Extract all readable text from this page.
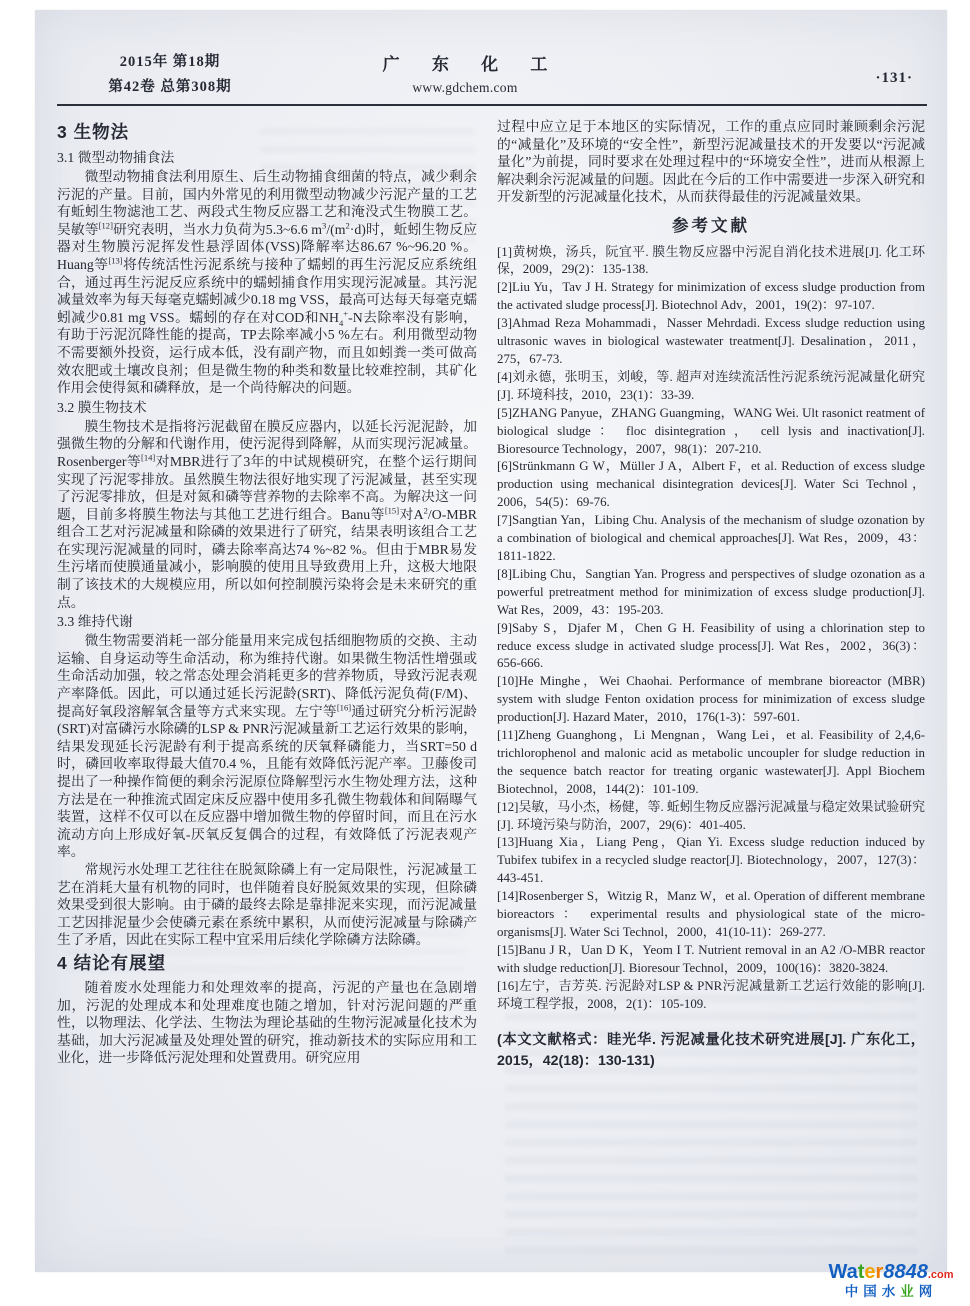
2015年 第18期
第42卷 总第308期
广 东 化 工
www.gdchem.com
·131·
3 生物法
3.1 微型动物捕食法

微型动物捕食法利用原生、后生动物捕食细菌的特点，减少剩余污泥的产量。目前，国内外常见的利用微型动物减少污泥产量的工艺有蚯蚓生物滤池工艺、两段式生物反应器工艺和淹没式生物膜工艺。吴敏等[12]研究表明，当水力负荷为5.3~6.6 $m^3/(m^2\cdot d)$时，蚯蚓生物反应器对生物膜污泥挥发性悬浮固体(VSS)降解率达86.67 %~96.20 %。Huang等[13]将传统活性污泥系统与接种了蠕蚓的再生污泥反应系统组合，通过再生污泥反应系统中的蠕蚓捕食作用实现污泥减量。其污泥减量效率为每天每毫克蠕蚓减少0.18 mg VSS，最高可达每天每毫克蠕蚓减少0.81 mg VSS。蠕蚓的存在对COD和$NH_4^+-N$去除率没有影响，有助于污泥沉降性能的提高，TP去除率减小5 %左右。利用微型动物不需要额外投资，运行成本低，没有副产物，而且如蚓粪一类可做高效农肥或土壤改良剂；但是微生物的种类和数量比较难控制，其矿化作用会使得氮和磷释放，是一个尚待解决的问题。

3.2 膜生物技术

膜生物技术是指将污泥截留在膜反应器内，以延长污泥泥龄，加强微生物的分解和代谢作用，使污泥得到降解，从而实现污泥减量。Rosenberger等[14]对MBR进行了3年的中试规模研究，在整个运行期间实现了污泥零排放。虽然膜生物法很好地实现了污泥减量，甚至实现了污泥零排放，但是对氮和磷等营养物的去除率不高。为解决这一问题，目前多将膜生物法与其他工艺进行组合。Banu等[15]对$A^2/O$-MBR组合工艺对污泥减量和除磷的效果进行了研究，结果表明该组合工艺在实现污泥减量的同时，磷去除率高达74 %~82 %。但由于MBR易发生污堵而使膜通量减小，影响膜的使用且导致费用上升，这极大地限制了该技术的大规模应用，所以如何控制膜污染将会是未来研究的重点。

3.3 维持代谢

微生物需要消耗一部分能量用来完成包括细胞物质的交换、主动运输、自身运动等生命活动，称为维持代谢。如果微生物活性增强或生命活动加强，较之常态处理会消耗更多的营养物质，导致污泥表观产率降低。因此，可以通过延长污泥龄(SRT)、降低污泥负荷(F/M)、提高好氧段溶解氧含量等方式来实现。左宁等[16]通过研究分析污泥龄(SRT)对富磷污水除磷的LSP & PNR污泥减量新工艺运行效果的影响，结果发现延长污泥龄有利于提高系统的厌氧释磷能力，当SRT=50 d时，磷回收率取得最大值70.4 %，且能有效降低污泥产率。卫藤俊司提出了一种操作简便的剩余污泥原位降解型污水生物处理方法，这种方法是在一种推流式固定床反应器中使用多孔微生物载体和间隔曝气装置，这样不仅可以在反应器中增加微生物的停留时间，而且在污水流动方向上形成好氧-厌氧反复偶合的过程，有效降低了污泥表观产率。

常规污水处理工艺往往在脱氮除磷上有一定局限性，污泥减量工艺在消耗大量有机物的同时，也伴随着良好脱氮效果的实现，但除磷效果受到很大影响。由于磷的最终去除是靠排泥来实现，而污泥减量工艺因排泥量少会使磷元素在系统中累积，从而使污泥减量与除磷产生了矛盾，因此在实际工程中宜采用后续化学除磷方法除磷。

4 结论有展望

随着废水处理能力和处理效率的提高，污泥的产量也在急剧增加，污泥的处理成本和处理难度也随之增加，针对污泥问题的严重性，以物理法、化学法、生物法为理论基础的生物污泥减量化技术为基础，加大污泥减量及处理处置的研究，推动新技术的实际应用和工业化，进一步降低污泥处理和处置费用。研究应用

过程中应立足于本地区的实际情况，工作的重点应同时兼顾剩余污泥的“减量化”及环境的“安全性”，新型污泥减量技术的开发要以“污泥减量化”为前提，同时要求在处理过程中的“环境安全性”，进而从根源上解决剩余污泥减量的问题。因此在今后的工作中需要进一步深入研究和开发新型的污泥减量化技术，从而获得最佳的污泥减量效果。

参考文献

[1]黄树焕，汤兵，阮宜平. 膜生物反应器中污泥自消化技术进展[J]. 化工环保，2009，29(2)：135-138.

[2]Liu Yu，Tav J H. Strategy for minimization of excess sludge production from the activated sludge process[J]. Biotechnol Adv，2001，19(2)：97-107.

[3]Ahmad Reza Mohammadi，Nasser Mehrdadi. Excess sludge reduction using ultrasonic waves in biological wastewater treatment[J]. Desalination，2011，275，67-73.

[4]刘永德，张明玉，刘峻，等. 超声对连续流活性污泥系统污泥减量化研究[J]. 环境科技，2010，23(1)：33-39.

[5]ZHANG Panyue，ZHANG Guangming，WANG Wei. Ult rasonict reatment of biological sludge ： floc disintegration ， cell lysis and inactivation[J]. Bioresource Technology，2007，98(1)：207-210.

[6]Strünkmann G W，Müller J A，Albert F，et al. Reduction of excess sludge production using mechanical disintegration devices[J]. Water Sci Technol，2006，54(5)：69-76.

[7]Sangtian Yan，Libing Chu. Analysis of the mechanism of sludge ozonation by a combination of biological and chemical approaches[J]. Wat Res，2009，43：1811-1822.

[8]Libing Chu，Sangtian Yan. Progress and perspectives of sludge ozonation as a powerful pretreatment method for minimization of excess sludge production[J]. Wat Res，2009，43：195-203.

[9]Saby S，Djafer M，Chen G H. Feasibility of using a chlorination step to reduce excess sludge in activated sludge process[J]. Wat Res，2002，36(3)：656-666.

[10]He Minghe，Wei Chaohai. Performance of membrane bioreactor (MBR) system with sludge Fenton oxidation process for minimization of excess sludge production[J]. Hazard Mater，2010，176(1-3)：597-601.

[11]Zheng Guanghong，Li Mengnan，Wang Lei，et al. Feasibility of 2,4,6-trichlorophenol and malonic acid as metabolic uncoupler for sludge reduction in the sequence batch reactor for treating organic wastewater[J]. Appl Biochem Biotechnol，2008，144(2)：101-109.

[12]吴敏，马小杰，杨健，等. 蚯蚓生物反应器污泥减量与稳定效果试验研究[J]. 环境污染与防治，2007，29(6)：401-405.

[13]Huang Xia，Liang Peng，Qian Yi. Excess sludge reduction induced by Tubifex tubifex in a recycled sludge reactor[J]. Biotechnology，2007，127(3)：443-451.

[14]Rosenberger S，Witzig R，Manz W，et al. Operation of different membrane bioreactors ： experimental results and physiological state of the micro-organisms[J]. Water Sci Technol，2000，41(10-11)：269-277.

[15]Banu J R，Uan D K，Yeom I T. Nutrient removal in an A2 /O-MBR reactor with sludge reduction[J]. Bioresour Technol，2009，100(16)：3820-3824.

[16]左宁，吉芳英. 污泥龄对LSP & PNR污泥减量新工艺运行效能的影响[J]. 环境工程学报，2008，2(1)：105-109.

(本文文献格式：眭光华. 污泥减量化技术研究进展[J]. 广东化工，2015，42(18)：130-131)

Water8848.com
中国水业网
